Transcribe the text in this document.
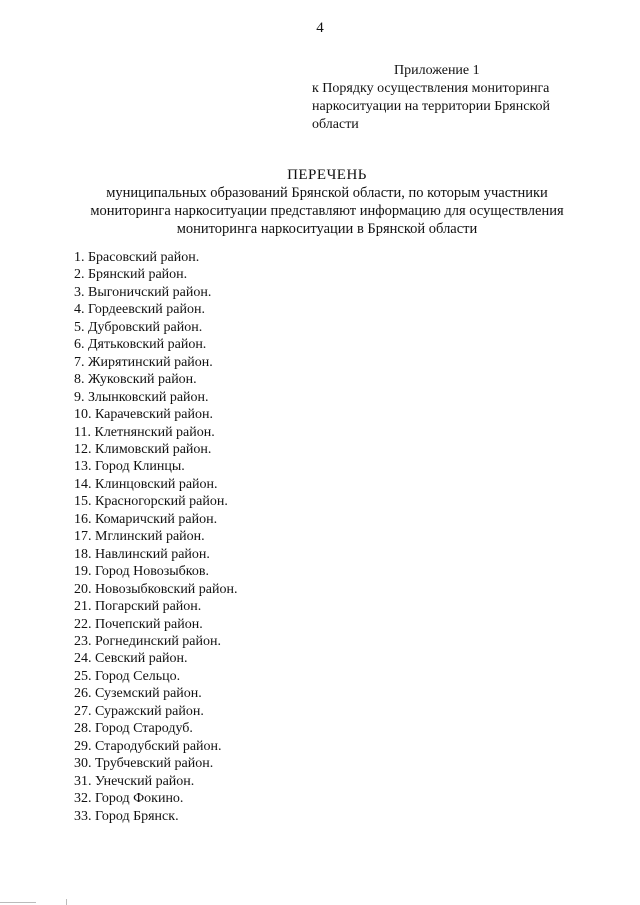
4
Приложение 1
к Порядку осуществления мониторинга
наркоситуации на территории Брянской
области
ПЕРЕЧЕНЬ
муниципальных образований Брянской области, по которым участники
мониторинга наркоситуации представляют информацию для осуществления
мониторинга наркоситуации в Брянской области
1. Брасовский район.
2. Брянский район.
3. Выгоничский район.
4. Гордеевский район.
5. Дубровский район.
6. Дятьковский район.
7. Жирятинский район.
8. Жуковский район.
9. Злынковский район.
10. Карачевский район.
11. Клетнянский район.
12. Климовский район.
13. Город Клинцы.
14. Клинцовский район.
15. Красногорский район.
16. Комаричский район.
17. Мглинский район.
18. Навлинский район.
19. Город Новозыбков.
20. Новозыбковский район.
21. Погарский район.
22. Почепский район.
23. Рогнединский район.
24. Севский район.
25. Город Сельцо.
26. Суземский район.
27. Суражский район.
28. Город Стародуб.
29. Стародубский район.
30. Трубчевский район.
31. Унечский район.
32. Город Фокино.
33. Город Брянск.
